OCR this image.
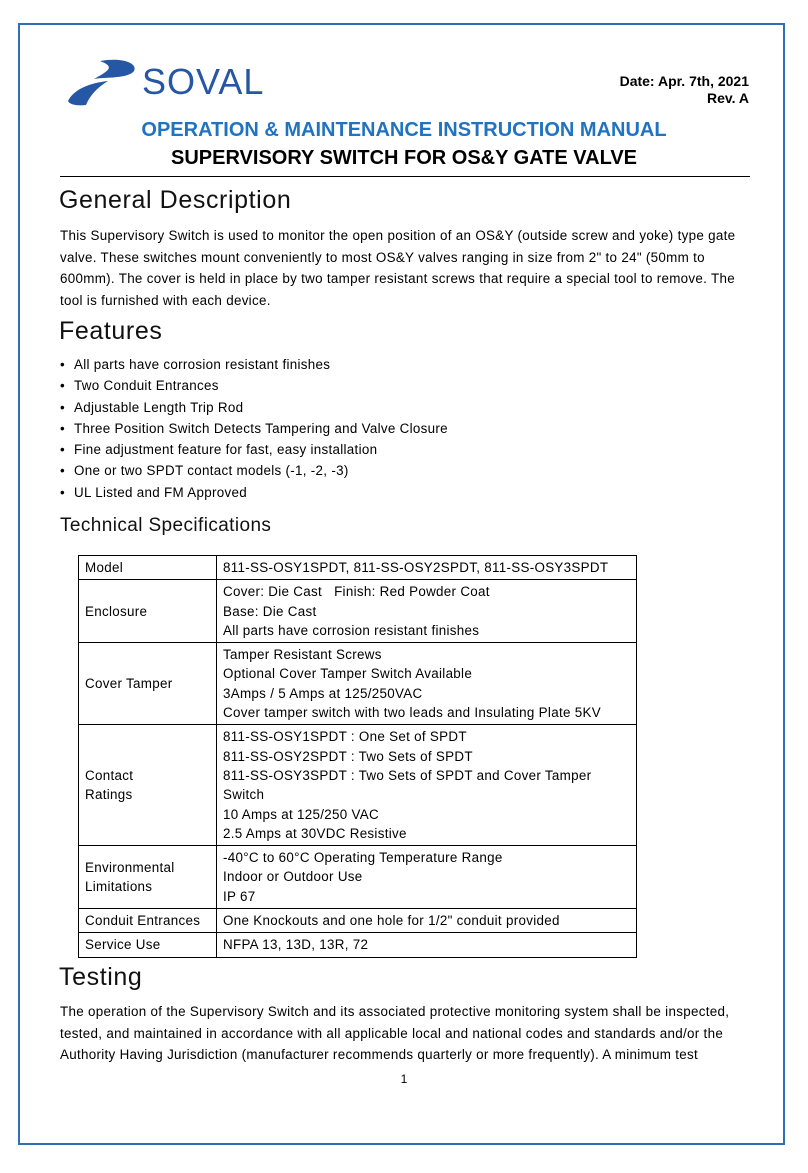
SOVAL	Date: Apr. 7th, 2021
Rev. A
OPERATION & MAINTENANCE INSTRUCTION MANUAL
SUPERVISORY SWITCH FOR OS&Y GATE VALVE
General Description
This Supervisory Switch is used to monitor the open position of an OS&Y (outside screw and yoke) type gate
valve. These switches mount conveniently to most OS&Y valves ranging in size from 2" to 24" (50mm to
600mm). The cover is held in place by two tamper resistant screws that require a special tool to remove. The
tool is furnished with each device.
Features
• All parts have corrosion resistant finishes
• Two Conduit Entrances
• Adjustable Length Trip Rod
• Three Position Switch Detects Tampering and Valve Closure
• Fine adjustment feature for fast, easy installation
• One or two SPDT contact models (-1, -2, -3)
• UL Listed and FM Approved
Technical Specifications
Model	811-SS-OSY1SPDT, 811-SS-OSY2SPDT, 811-SS-OSY3SPDT

Enclosure	Cover: Die Cast   Finish: Red Powder Coat
Base: Die Cast
All parts have corrosion resistant finishes

Cover Tamper	Tamper Resistant Screws
Optional Cover Tamper Switch Available
3Amps / 5 Amps at 125/250VAC
Cover tamper switch with two leads and Insulating Plate 5KV

Contact
Ratings	811-SS-OSY1SPDT : One Set of SPDT
811-SS-OSY2SPDT : Two Sets of SPDT
811-SS-OSY3SPDT : Two Sets of SPDT and Cover Tamper Switch
10 Amps at 125/250 VAC
2.5 Amps at 30VDC Resistive

Environmental
Limitations	-40°C to 60°C Operating Temperature Range
Indoor or Outdoor Use
IP 67

Conduit Entrances	One Knockouts and one hole for 1/2" conduit provided

Service Use	NFPA 13, 13D, 13R, 72
Testing
The operation of the Supervisory Switch and its associated protective monitoring system shall be inspected,
tested, and maintained in accordance with all applicable local and national codes and standards and/or the
Authority Having Jurisdiction (manufacturer recommends quarterly or more frequently). A minimum test
1
